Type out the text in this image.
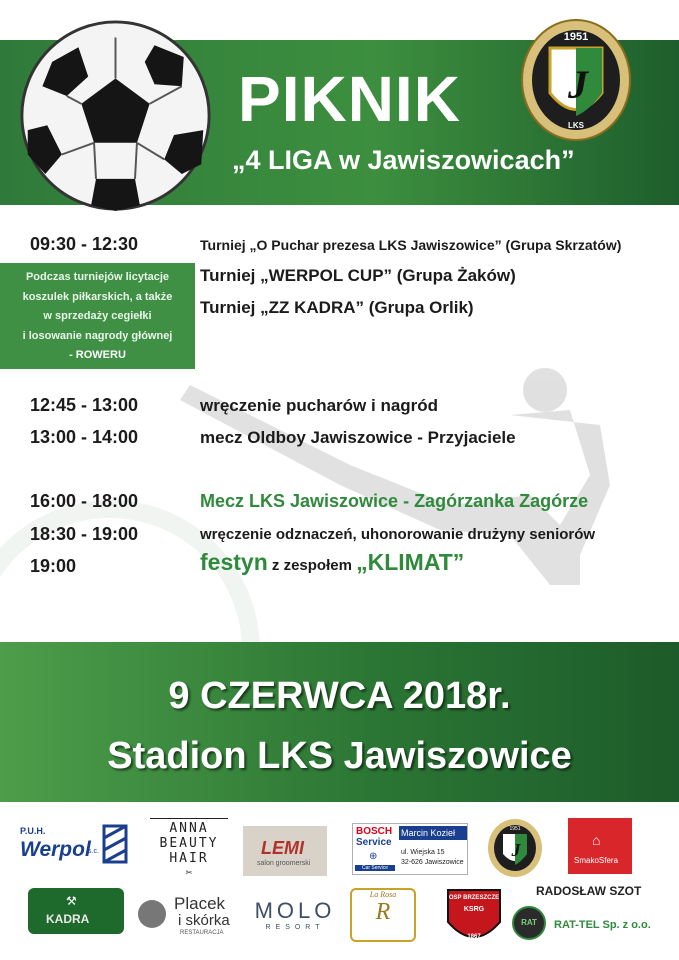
PIKNIK
„4 LIGA w Jawiszowicach”
J
1951
LKS
09:30 - 12:30	Turniej „O Puchar prezesa LKS Jawiszowice” (Grupa Skrzatów)
Turniej „WERPOL CUP” (Grupa Żaków)
Turniej „ZZ KADRA” (Grupa Orlik)
Podczas turniejów licytacje
koszulek piłkarskich, a także
w sprzedaży cegiełki
i losowanie nagrody głównej
- ROWERU
12:45 - 13:00	wręczenie pucharów i nagród
13:00 - 14:00	mecz Oldboy Jawiszowice - Przyjaciele
16:00 - 18:00	Mecz LKS Jawiszowice - Zagórzanka Zagórze
18:30 - 19:00	wręczenie odznaczeń, uhonorowanie drużyny seniorów
19:00	festyn z zespołem „KLIMAT”
9 CZERWCA 2018r.
Stadion LKS Jawiszowice
P.U.H.
Werpol
s.c.
ANNA
BEAUTY
HAIR
✂
LEMI
salon groomerski
BOSCH
Service
⊕
Car Service
Marcin Kozieł
ul. Wiejska 15
32-626 Jawiszowice
J
1951
⌂
SmakoSfera
KADRA
⚒	Placek
i skórka
RESTAURACJA
MOLO
RESORT
La Rosa
R
OSP BRZESZCZE
KSRG
1867
RADOSŁAW SZOT
RAT	RAT-TEL Sp. z o.o.
